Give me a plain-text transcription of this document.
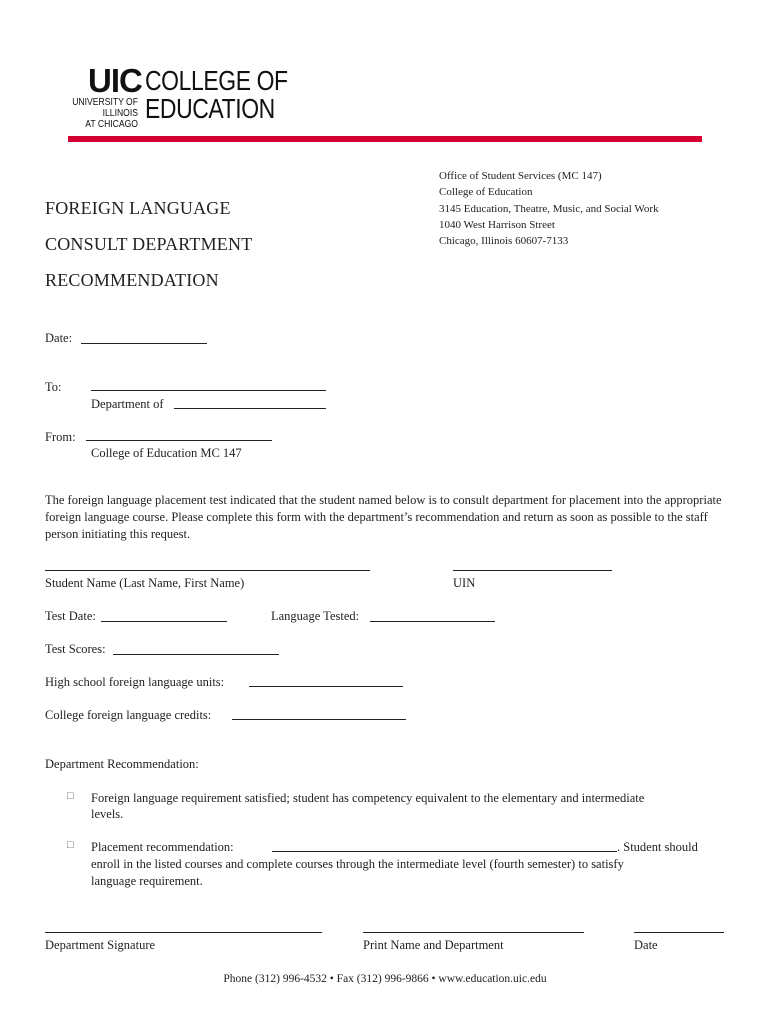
UIC COLLEGE OF
EDUCATION
UNIVERSITY OF ILLINOIS
AT CHICAGO
Office of Student Services (MC 147)
College of Education
3145 Education, Theatre, Music, and Social Work
1040 West Harrison Street
Chicago, Illinois 60607-7133
FOREIGN LANGUAGE
CONSULT DEPARTMENT
RECOMMENDATION
Date:
To:
Department of
From:
College of Education MC 147
The foreign language placement test indicated that the student named below is to consult department for placement into the appropriate foreign language course. Please complete this form with the department’s recommendation and return as soon as possible to the staff person initiating this request.
Student Name (Last Name, First Name)	UIN
Test Date:	Language Tested:
Test Scores:
High school foreign language units:
College foreign language credits:
Department Recommendation:
□ Foreign language requirement satisfied; student has competency equivalent to the elementary and intermediate
levels.
□ Placement recommendation:	. Student should
enroll in the listed courses and complete courses through the intermediate level (fourth semester) to satisfy
language requirement.
Department Signature	Print Name and Department	Date
Phone (312) 996-4532 • Fax (312) 996-9866 • www.education.uic.edu
